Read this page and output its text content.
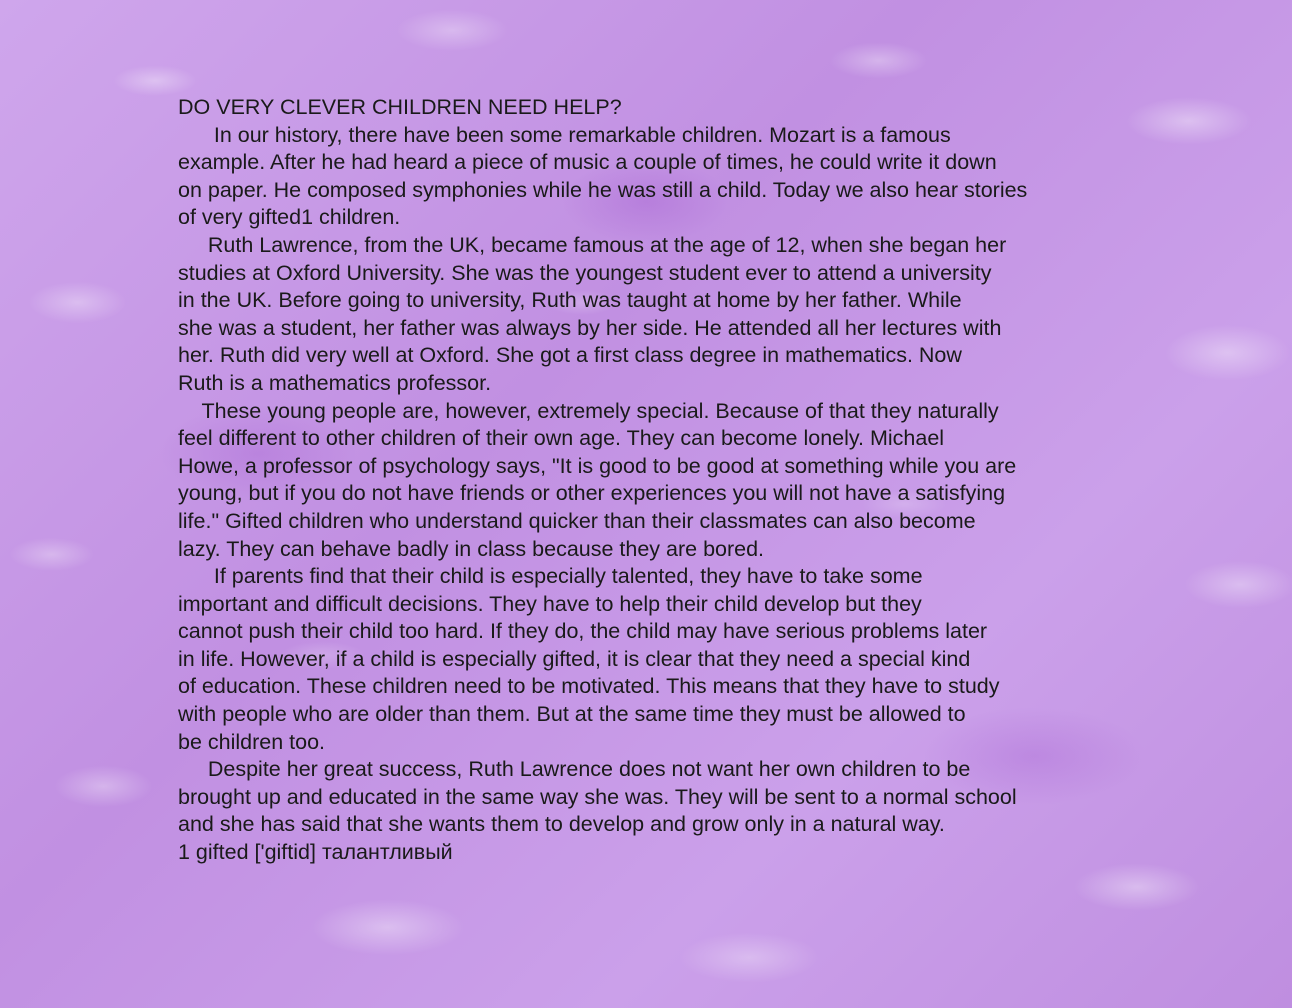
DO VERY CLEVER CHILDREN NEED HELP?
In our history, there have been some remarkable children. Mozart is a famous
example. After he had heard a piece of music a couple of times, he could write it down
on paper. He composed symphonies while he was still a child. Today we also hear stories
of very gifted1 children.
Ruth Lawrence, from the UK, became famous at the age of 12, when she began her
studies at Oxford University. She was the youngest student ever to attend a university
in the UK. Before going to university, Ruth was taught at home by her father. While
she was a student, her father was always by her side. He attended all her lectures with
her. Ruth did very well at Oxford. She got a first class degree in mathematics. Now
Ruth is a mathematics professor.
These young people are, however, extremely special. Because of that they naturally
feel different to other children of their own age. They can become lonely. Michael
Howe, a professor of psychology says, "It is good to be good at something while you are
young, but if you do not have friends or other experiences you will not have a satisfying
life." Gifted children who understand quicker than their classmates can also become
lazy. They can behave badly in class because they are bored.
If parents find that their child is especially talented, they have to take some
important and difficult decisions. They have to help their child develop but they
cannot push their child too hard. If they do, the child may have serious problems later
in life. However, if a child is especially gifted, it is clear that they need a special kind
of education. These children need to be motivated. This means that they have to study
with people who are older than them. But at the same time they must be allowed to
be children too.
Despite her great success, Ruth Lawrence does not want her own children to be
brought up and educated in the same way she was. They will be sent to a normal school
and she has said that she wants them to develop and grow only in a natural way.
1 gifted ['giftid] талантливый
